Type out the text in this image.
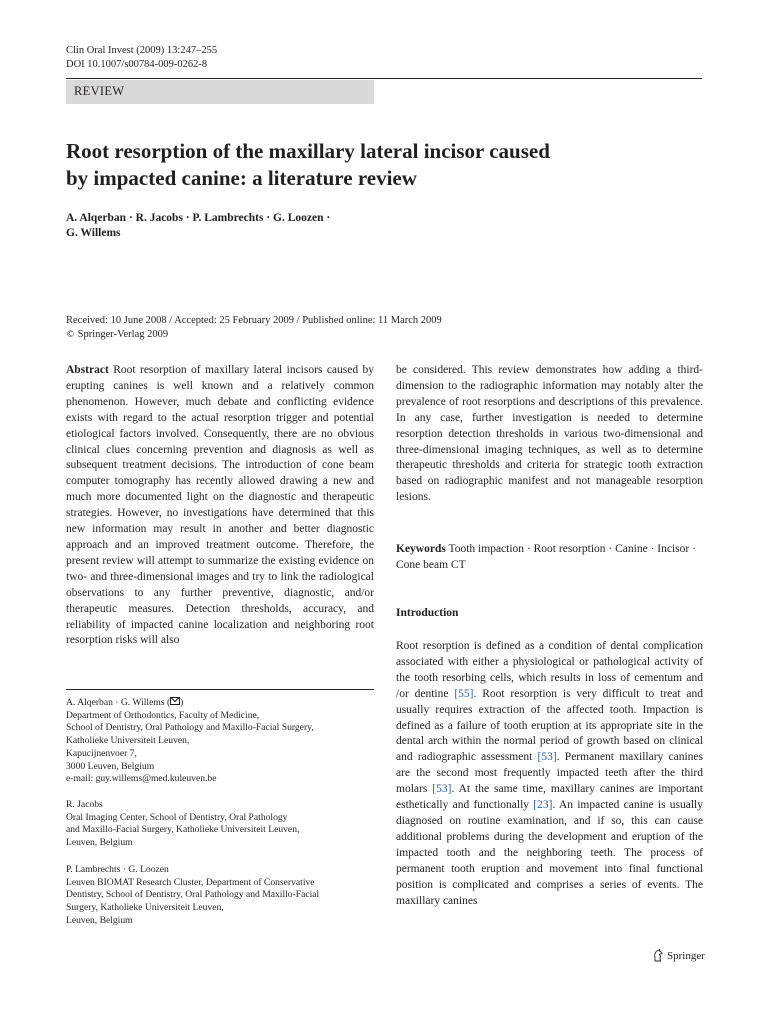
Clin Oral Invest (2009) 13:247–255
DOI 10.1007/s00784-009-0262-8
REVIEW
Root resorption of the maxillary lateral incisor caused
by impacted canine: a literature review
A. Alqerban · R. Jacobs · P. Lambrechts · G. Loozen ·
G. Willems
Received: 10 June 2008 / Accepted: 25 February 2009 / Published online: 11 March 2009
© Springer-Verlag 2009
Abstract Root resorption of maxillary lateral incisors caused by erupting canines is well known and a relatively common phenomenon. However, much debate and conflicting evidence exists with regard to the actual resorption trigger and potential etiological factors involved. Consequently, there are no obvious clinical clues concerning prevention and diagnosis as well as subsequent treatment decisions. The introduction of cone beam computer tomography has recently allowed drawing a new and much more documented light on the diagnostic and therapeutic strategies. However, no investigations have determined that this new information may result in another and better diagnostic approach and an improved treatment outcome. Therefore, the present review will attempt to summarize the existing evidence on two- and three-dimensional images and try to link the radiological observations to any further preventive, diagnostic, and/or therapeutic measures. Detection thresholds, accuracy, and reliability of impacted canine localization and neighboring root resorption risks will also
be considered. This review demonstrates how adding a third-dimension to the radiographic information may notably alter the prevalence of root resorptions and descriptions of this prevalence. In any case, further investigation is needed to determine resorption detection thresholds in various two-dimensional and three-dimensional imaging techniques, as well as to determine therapeutic thresholds and criteria for strategic tooth extraction based on radiographic manifest and not manageable resorption lesions.
Keywords Tooth impaction · Root resorption · Canine · Incisor· Cone beam CT
Introduction
Root resorption is defined as a condition of dental complication associated with either a physiological or pathological activity of the tooth resorbing cells, which results in loss of cementum and /or dentine [55]. Root resorption is very difficult to treat and usually requires extraction of the affected tooth. Impaction is defined as a failure of tooth eruption at its appropriate site in the dental arch within the normal period of growth based on clinical and radiographic assessment [53]. Permanent maxillary canines are the second most frequently impacted teeth after the third molars [53]. At the same time, maxillary canines are important esthetically and functionally [23]. An impacted canine is usually diagnosed on routine examination, and if so, this can cause additional problems during the development and eruption of the impacted tooth and the neighboring teeth. The process of permanent tooth eruption and movement into final functional position is complicated and comprises a series of events. The maxillary canines
A. Alqerban · G. Willems ( )
Department of Orthodontics, Faculty of Medicine,
School of Dentistry, Oral Pathology and Maxillo-Facial Surgery,
Katholieke Universiteit Leuven,
Kapucijnenvoer 7,
3000 Leuven, Belgium
e-mail: guy.willems@med.kuleuven.be
R. Jacobs
Oral Imaging Center, School of Dentistry, Oral Pathology
and Maxillo-Facial Surgery, Katholieke Universiteit Leuven,
Leuven, Belgium
P. Lambrechts · G. Loozen
Leuven BIOMAT Research Cluster, Department of Conservative
Dentistry, School of Dentistry, Oral Pathology and Maxillo-Facial
Surgery, Katholieke Universiteit Leuven,
Leuven, Belgium
Springer
